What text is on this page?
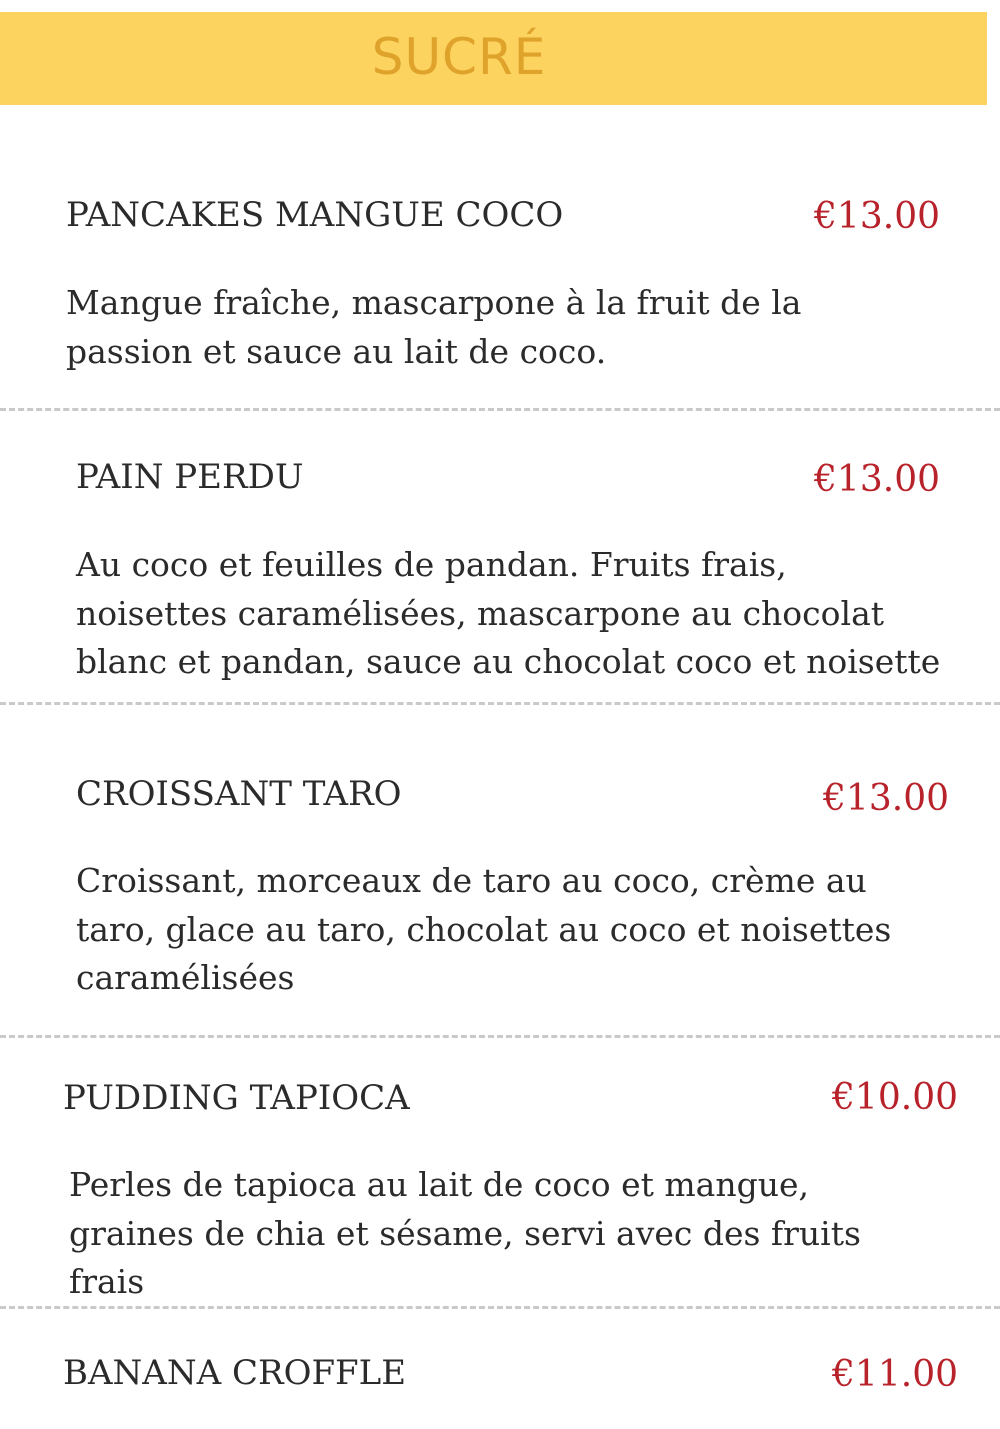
SUCRÉ
PANCAKES MANGUE COCO	€13.00
Mangue fraîche, mascarpone à la fruit de la passion et sauce au lait de coco.
PAIN PERDU	€13.00
Au coco et feuilles de pandan. Fruits frais, noisettes caramélisées, mascarpone au chocolat blanc et pandan, sauce au chocolat coco et noisette
CROISSANT TARO	€13.00
Croissant, morceaux de taro au coco, crème au taro, glace au taro, chocolat au coco et noisettes caramélisées
PUDDING TAPIOCA	€10.00
Perles de tapioca au lait de coco et mangue, graines de chia et sésame, servi avec des fruits frais
BANANA CROFFLE	€11.00
